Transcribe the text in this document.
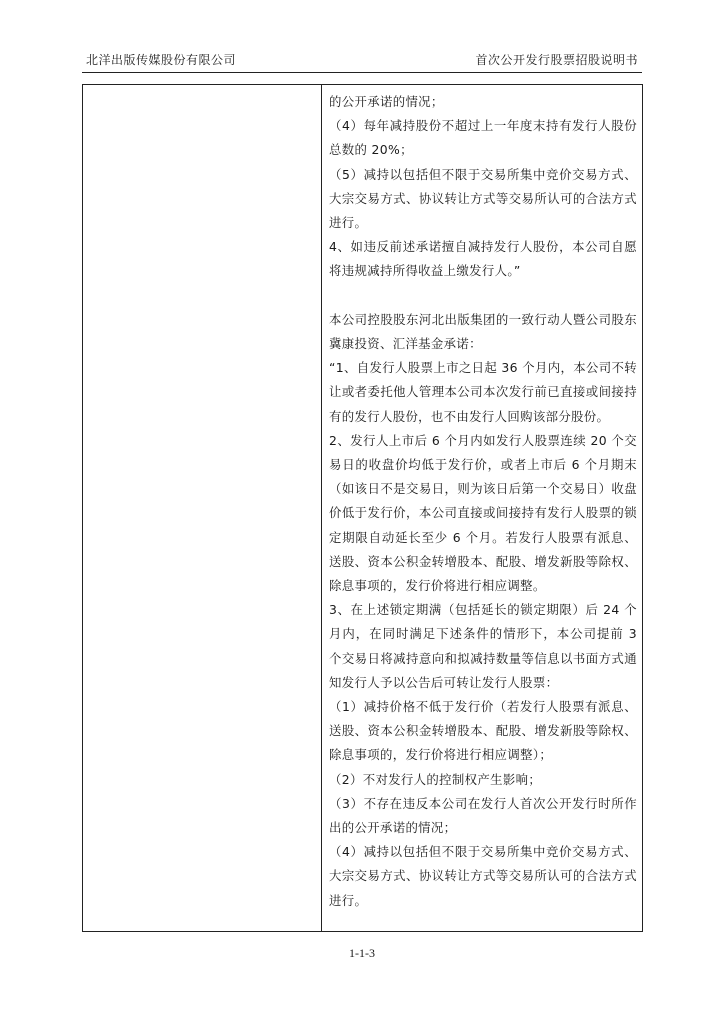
北洋出版传媒股份有限公司	首次公开发行股票招股说明书

的公开承诺的情况；

（4）每年减持股份不超过上一年度末持有发行人股份总数的 20%；

（5）减持以包括但不限于交易所集中竞价交易方式、大宗交易方式、协议转让方式等交易所认可的合法方式进行。

4、如违反前述承诺擅自减持发行人股份，本公司自愿将违规减持所得收益上缴发行人。”

本公司控股股东河北出版集团的一致行动人暨公司股东冀康投资、汇洋基金承诺：

“1、自发行人股票上市之日起 36 个月内，本公司不转让或者委托他人管理本公司本次发行前已直接或间接持有的发行人股份，也不由发行人回购该部分股份。

2、发行人上市后 6 个月内如发行人股票连续 20 个交易日的收盘价均低于发行价，或者上市后 6 个月期末（如该日不是交易日，则为该日后第一个交易日）收盘价低于发行价，本公司直接或间接持有发行人股票的锁定期限自动延长至少 6 个月。若发行人股票有派息、送股、资本公积金转增股本、配股、增发新股等除权、除息事项的，发行价将进行相应调整。

3、在上述锁定期满（包括延长的锁定期限）后 24 个月内，在同时满足下述条件的情形下，本公司提前 3 个交易日将减持意向和拟减持数量等信息以书面方式通知发行人予以公告后可转让发行人股票：

（1）减持价格不低于发行价（若发行人股票有派息、送股、资本公积金转增股本、配股、增发新股等除权、除息事项的，发行价将进行相应调整）；

（2）不对发行人的控制权产生影响；

（3）不存在违反本公司在发行人首次公开发行时所作出的公开承诺的情况；

（4）减持以包括但不限于交易所集中竞价交易方式、大宗交易方式、协议转让方式等交易所认可的合法方式进行。

1-1-3
